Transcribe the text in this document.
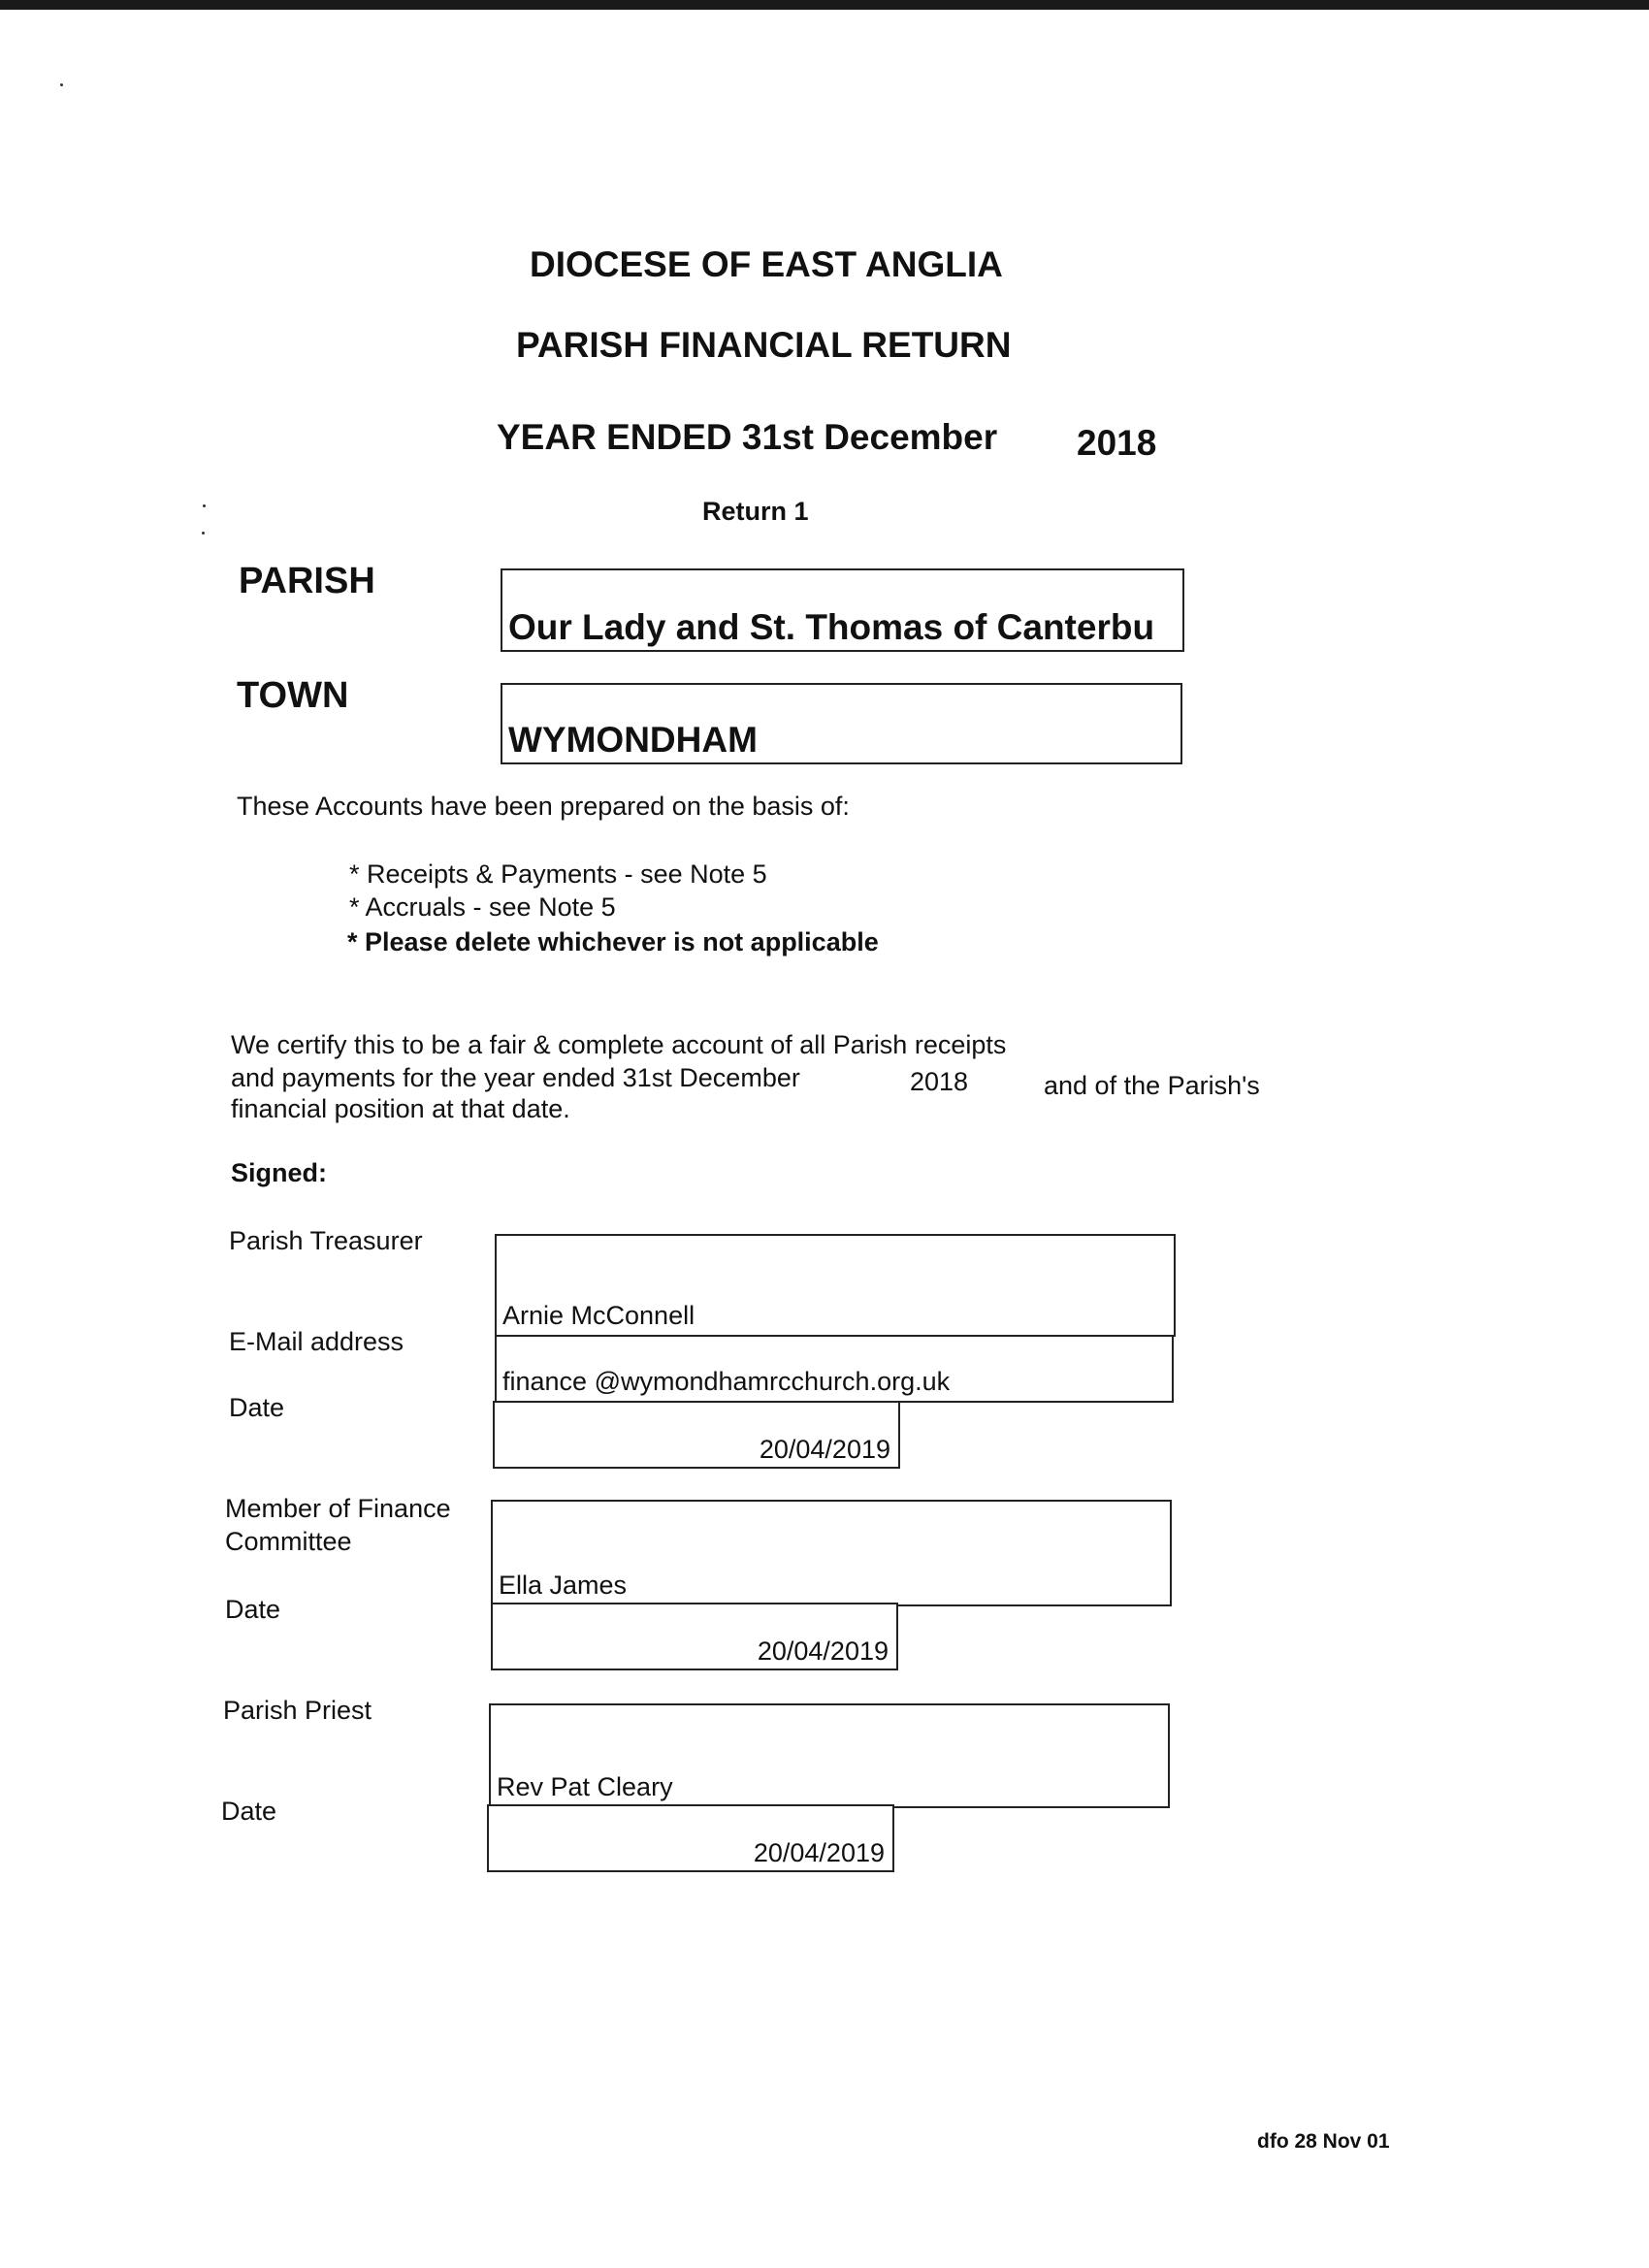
DIOCESE OF EAST ANGLIA
PARISH FINANCIAL RETURN
YEAR ENDED 31st December 2018
Return 1
PARISH
Our Lady and St. Thomas of Canterbu
TOWN
WYMONDHAM
These Accounts have been prepared on the basis of:
* Receipts & Payments - see Note 5
* Accruals - see Note 5
* Please delete whichever is not applicable
We certify this to be a fair & complete account of all Parish receipts
and payments for the year ended 31st December	2018	and of the Parish's
financial position at that date.
Signed:
Parish Treasurer
Arnie McConnell
E-Mail address
finance @wymondhamrcchurch.org.uk
Date
20/04/2019
Member of Finance
Committee
Ella James
Date
20/04/2019
Parish Priest
Rev Pat Cleary
Date
20/04/2019
dfo 28 Nov 01
